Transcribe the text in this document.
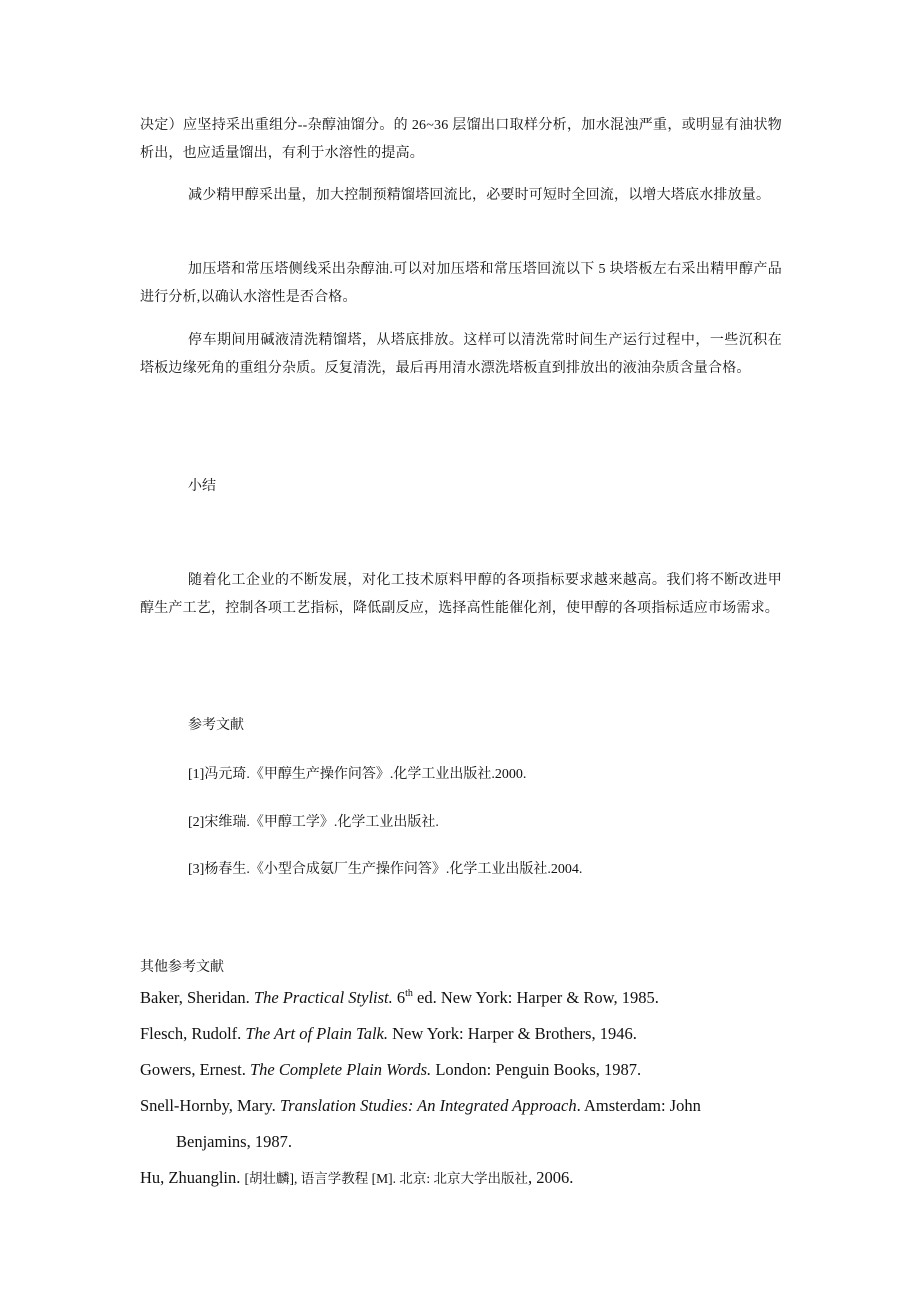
决定）应坚持采出重组分--杂醇油馏分。的 26~36 层馏出口取样分析，加水混浊严重，或明显有油状物析出，也应适量馏出，有利于水溶性的提高。
减少精甲醇采出量，加大控制预精馏塔回流比，必要时可短时全回流，以增大塔底水排放量。
加压塔和常压塔侧线采出杂醇油.可以对加压塔和常压塔回流以下 5 块塔板左右采出精甲醇产品进行分析,以确认水溶性是否合格。
停车期间用碱液清洗精馏塔，从塔底排放。这样可以清洗常时间生产运行过程中，一些沉积在塔板边缘死角的重组分杂质。反复清洗，最后再用清水漂洗塔板直到排放出的液油杂质含量合格。
小结
随着化工企业的不断发展，对化工技术原料甲醇的各项指标要求越来越高。我们将不断改进甲醇生产工艺，控制各项工艺指标，降低副反应，选择高性能催化剂，使甲醇的各项指标适应市场需求。
参考文献
[1]冯元琦.《甲醇生产操作问答》.化学工业出版社.2000.
[2]宋维瑞.《甲醇工学》.化学工业出版社.
[3]杨春生.《小型合成氨厂生产操作问答》.化学工业出版社.2004.
其他参考文献
Baker, Sheridan. The Practical Stylist. 6th ed. New York: Harper & Row, 1985.
Flesch, Rudolf. The Art of Plain Talk. New York: Harper & Brothers, 1946.
Gowers, Ernest. The Complete Plain Words. London: Penguin Books, 1987.
Snell-Hornby, Mary. Translation Studies: An Integrated Approach. Amsterdam: John
Benjamins, 1987.
Hu, Zhuanglin. [胡壮麟], 语言学教程 [M]. 北京: 北京大学出版社, 2006.
